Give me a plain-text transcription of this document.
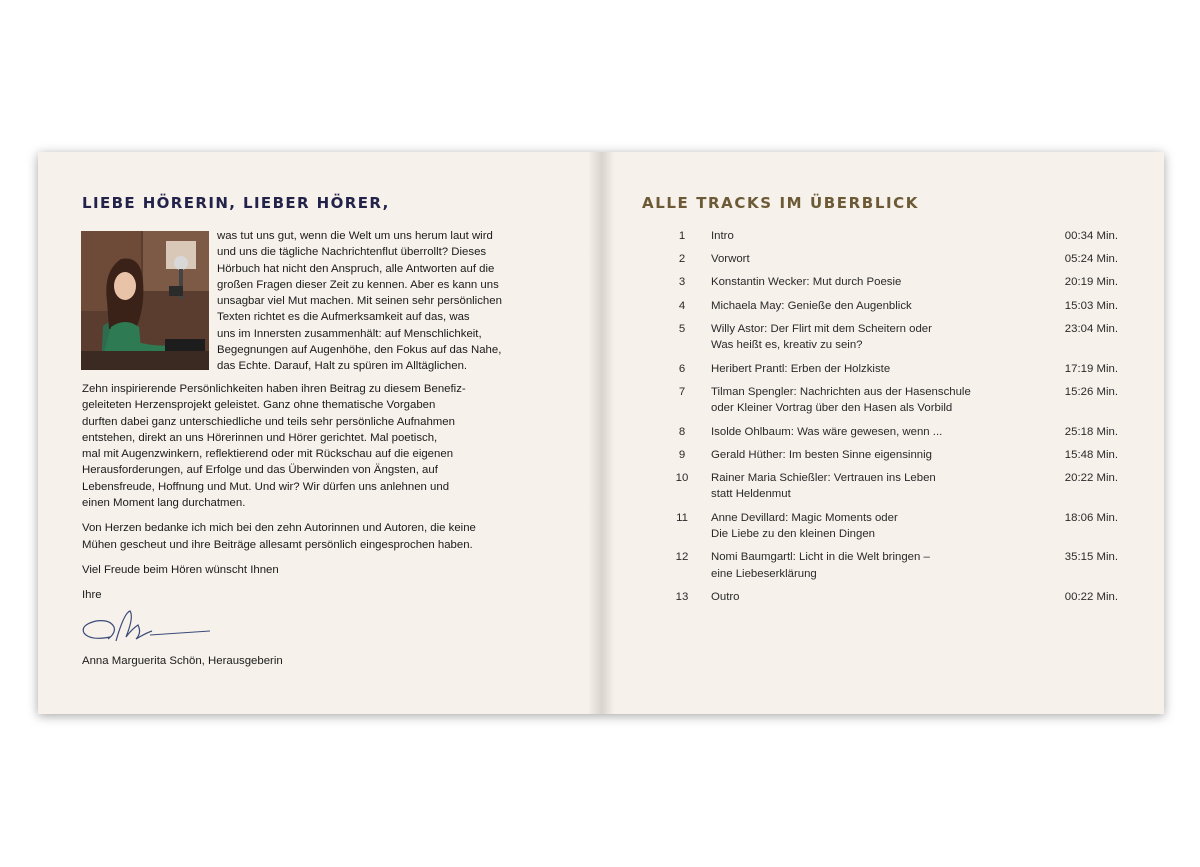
LIEBE HÖRERIN, LIEBER HÖRER,

was tut uns gut, wenn die Welt um uns herum laut wird

und uns die tägliche Nachrichtenflut überrollt? Dieses

Hörbuch hat nicht den Anspruch, alle Antworten auf die

großen Fragen dieser Zeit zu kennen. Aber es kann uns

unsagbar viel Mut machen. Mit seinen sehr persönlichen

Texten richtet es die Aufmerksamkeit auf das, was

uns im Innersten zusammenhält: auf Menschlichkeit,

Begegnungen auf Augenhöhe, den Fokus auf das Nahe,

das Echte. Darauf, Halt zu spüren im Alltäglichen.

Zehn inspirierende Persönlichkeiten haben ihren Beitrag zu diesem Benefiz-

geleiteten Herzensprojekt geleistet. Ganz ohne thematische Vorgaben

durften dabei ganz unterschiedliche und teils sehr persönliche Aufnahmen

entstehen, direkt an uns Hörerinnen und Hörer gerichtet. Mal poetisch,

mal mit Augenzwinkern, reflektierend oder mit Rückschau auf die eigenen

Herausforderungen, auf Erfolge und das Überwinden von Ängsten, auf

Lebensfreude, Hoffnung und Mut. Und wir? Wir dürfen uns anlehnen und

einen Moment lang durchatmen.

Von Herzen bedanke ich mich bei den zehn Autorinnen und Autoren, die keine

Mühen gescheut und ihre Beiträge allesamt persönlich eingesprochen haben.

Viel Freude beim Hören wünscht Ihnen

Ihre

Anna Marguerita Schön, Herausgeberin

ALLE TRACKS IM ÜBERBLICK
1	Intro	00:34 Min.
2	Vorwort	05:24 Min.
3	Konstantin Wecker: Mut durch Poesie	20:19 Min.
4	Michaela May: Genieße den Augenblick	15:03 Min.
5	Willy Astor: Der Flirt mit dem Scheitern oder
Was heißt es, kreativ zu sein?
23:04 Min.
6	Heribert Prantl: Erben der Holzkiste	17:19 Min.
7	Tilman Spengler: Nachrichten aus der Hasenschule
oder Kleiner Vortrag über den Hasen als Vorbild
15:26 Min.
8	Isolde Ohlbaum: Was wäre gewesen, wenn ...	25:18 Min.
9	Gerald Hüther: Im besten Sinne eigensinnig	15:48 Min.
10	Rainer Maria Schießler: Vertrauen ins Leben
statt Heldenmut
20:22 Min.
11	Anne Devillard: Magic Moments oder
Die Liebe zu den kleinen Dingen
18:06 Min.
12	Nomi Baumgartl: Licht in die Welt bringen –
eine Liebeserklärung
35:15 Min.
13	Outro	00:22 Min.
